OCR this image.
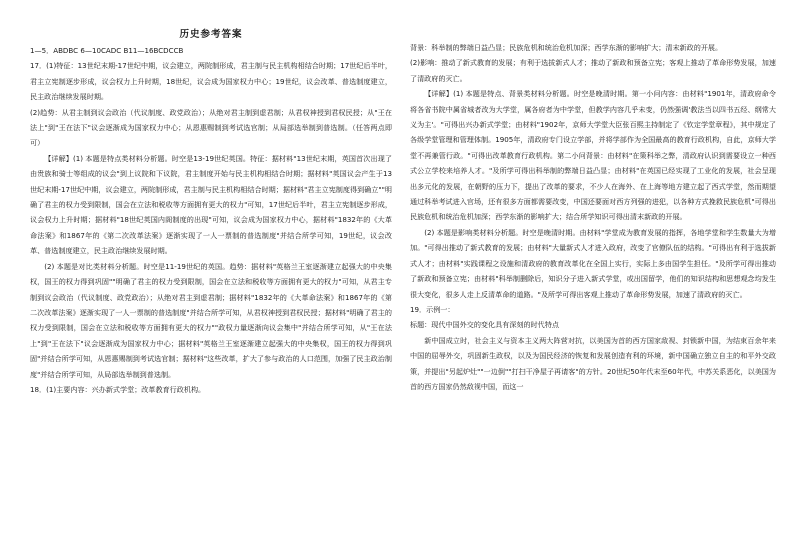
历史参考答案

1—5．ABDBC 6—10CADC B11—16BCDCCB

17．(1)特征：13世纪末期-17世纪中期，议会建立，两院制形成，君主制与民主机构相结合时期；17世纪后半叶，君主立宪制逐步形成，议会权力上升时期，18世纪，议会成为国家权力中心；19世纪，议会改革、普选制度建立，民主政治继续发展时期。

(2)趋势：从君主制到议会政治（代议制度、政党政治）；从绝对君主制到虚君制；从君权神授到君权民授；从"王在法上"到"王在法下"议会逐渐成为国家权力中心；从恩惠赐制到考试选官制；从局部选举制到普选制。（任答两点即可）

【详解】(1) 本题是特点类材料分析题。时空是13-19世纪英国。特征：据材料"13世纪末期，英国首次出现了由贵族和骑士等组成的议会"到上议院和下议院，君主制度开始与民主机构相结合时期；据材料"英国议会产生于13世纪末期-17世纪中期，议会建立，两院制形成，君主制与民主机构相结合时期；据材料"君主立宪制度得到确立""明确了君主的权力受到限制，国会在立法和税收等方面拥有更大的权力"可知，17世纪后半叶，君主立宪制逐步形成，议会权力上升时期；据材料"18世纪英国内阁制度的出现"可知，议会成为国家权力中心，据材料"1832年的《大革命法案》和1867年的《第二次改革法案》逐渐实现了一人一票制的普选制度"并结合所学可知，19世纪，议会改革、普选制度建立，民主政治继续发展时期。

(2) 本题是对比类材料分析题。时空是11-19世纪的英国。趋势：据材料"英格兰王室逐渐建立起强大的中央集权，国王的权力得到巩固""明确了君主的权力受到限制，国会在立法和税收等方面拥有更大的权力"可知，从君主专制到议会政治（代议制度、政党政治）；从绝对君主到虚君制；据材料"1832年的《大革命法案》和1867年的《第二次改革法案》逐渐实现了一人一票制的普选制度"并结合所学可知，从君权神授到君权民授；据材料"明确了君主的权力受到限制，国会在立法和税收等方面拥有更大的权力""政权力量逐渐向议会集中"并结合所学可知，从"王在法上"到"王在法下"议会逐渐成为国家权力中心；据材料"英格兰王室逐渐建立起强大的中央集权，国王的权力得到巩固"并结合所学可知，从恩惠赐制到考试选官制；据材料"这些改革，扩大了参与政治的人口范围，加强了民主政治制度"并结合所学可知，从局部选举制到普选制。

18．(1)主要内容：兴办新式学堂；改革教育行政机构。

背景：科举制的弊端日益凸显；民族危机和统治危机加深；西学东渐的影响扩大；清末新政的开展。

(2)影响：推动了新式教育的发展；有利于选拔新式人才；推动了新政和预备立宪；客观上推动了革命形势发展，加速了清政府的灭亡。

【详解】(1) 本题是特点、背景类材料分析题。时空是晚清时期。第一小问内容：由材料"1901年，清政府命令将各省书院中属省城者改为大学堂，属各府者为中学堂，但教学内容几乎未变，仍然强调'教法当以四书五经、纲常大义为主'。"可得出兴办新式学堂；由材料"1902年，京师大学堂大臣张百熙主持制定了《钦定学堂章程》，其中规定了各级学堂管理和管理体制。1905年，清政府专门设立学部，并将学部作为全国最高的教育行政机构，自此，京师大学堂不再兼管行政。"可得出改革教育行政机构。第二小问背景：由材料"在策科举之弊，清政府认识到需要设立一种西式公立学校来培养人才。"及所学可得出科举制的弊端日益凸显；由材料"在英国已经实现了工业化的发展，社会呈现出多元化的发展，在朝野的压力下，提出了改革的要求，不少人在海外、在上海等地方建立起了西式学堂，然而期望通过科举考试进入官场，还有很多方面都需要改变，中国还要面对西方列强的进犯，以各种方式挽救民族危机"可得出民族危机和统治危机加深；西学东渐的影响扩大；结合所学知识可得出清末新政的开展。

(2) 本题是影响类材料分析题。时空是晚清时期。由材料"学堂成为教育发展的指挥，各地学堂和学生数量大为增加。"可得出推动了新式教育的发展；由材料"大量新式人才进入政府，改变了官僚队伍的结构。"可得出有利于选拔新式人才；由材料"实践课程之设施和清政府的教育改革化在全国上实行，实际上多由国学生担任。"及所学可得出推动了新政和预备立宪；由材料"科举制删除后，知识分子进入新式学堂，或出国留学，他们的知识结构和思想观念均发生很大变化，很多人走上反清革命的道路。"及所学可得出客观上推动了革命形势发展，加速了清政府的灭亡。

19．示例一：

标题：现代中国外交的变化具有深刻的时代特点

新中国成立时，社会主义与资本主义两大阵营对抗，以美国为首的西方国家敌视、封锁新中国，为结束百余年来中国的屈辱外交，巩固新生政权，以及为国民经济的恢复和发展创造有利的环境，新中国确立独立自主的和平外交政策，并提出"另起炉灶""一边倒""打扫干净屋子再请客"的方针。20世纪50年代末至60年代，中苏关系恶化，以美国为首的西方国家仍然敌视中国，而这一
